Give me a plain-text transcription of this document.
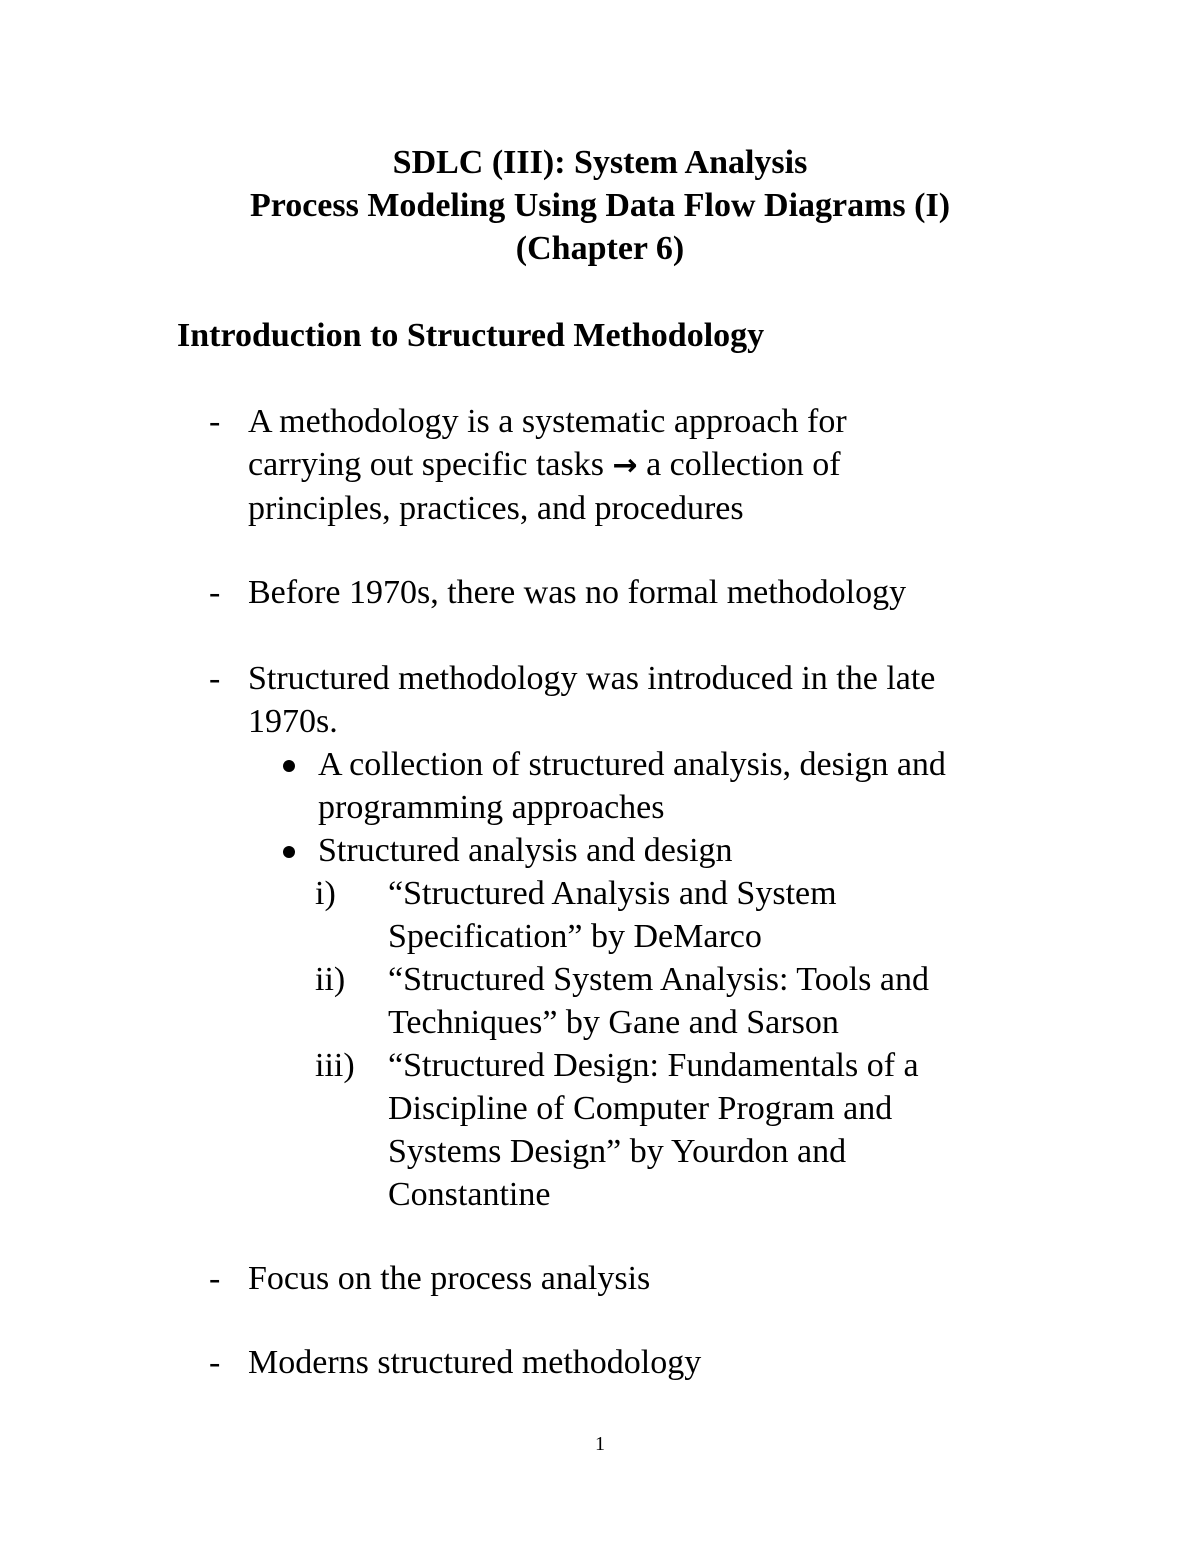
SDLC (III): System Analysis
Process Modeling Using Data Flow Diagrams (I)
(Chapter 6)
Introduction to Structured Methodology
- A methodology is a systematic approach for
carrying out specific tasks → a collection of
principles, practices, and procedures
- Before 1970s, there was no formal methodology
- Structured methodology was introduced in the late
1970s.
A collection of structured analysis, design and
programming approaches
Structured analysis and design
i) “Structured Analysis and System
Specification” by DeMarco
ii) “Structured System Analysis: Tools and
Techniques” by Gane and Sarson
iii) “Structured Design: Fundamentals of a
Discipline of Computer Program and
Systems Design” by Yourdon and
Constantine
- Focus on the process analysis
- Moderns structured methodology
1
